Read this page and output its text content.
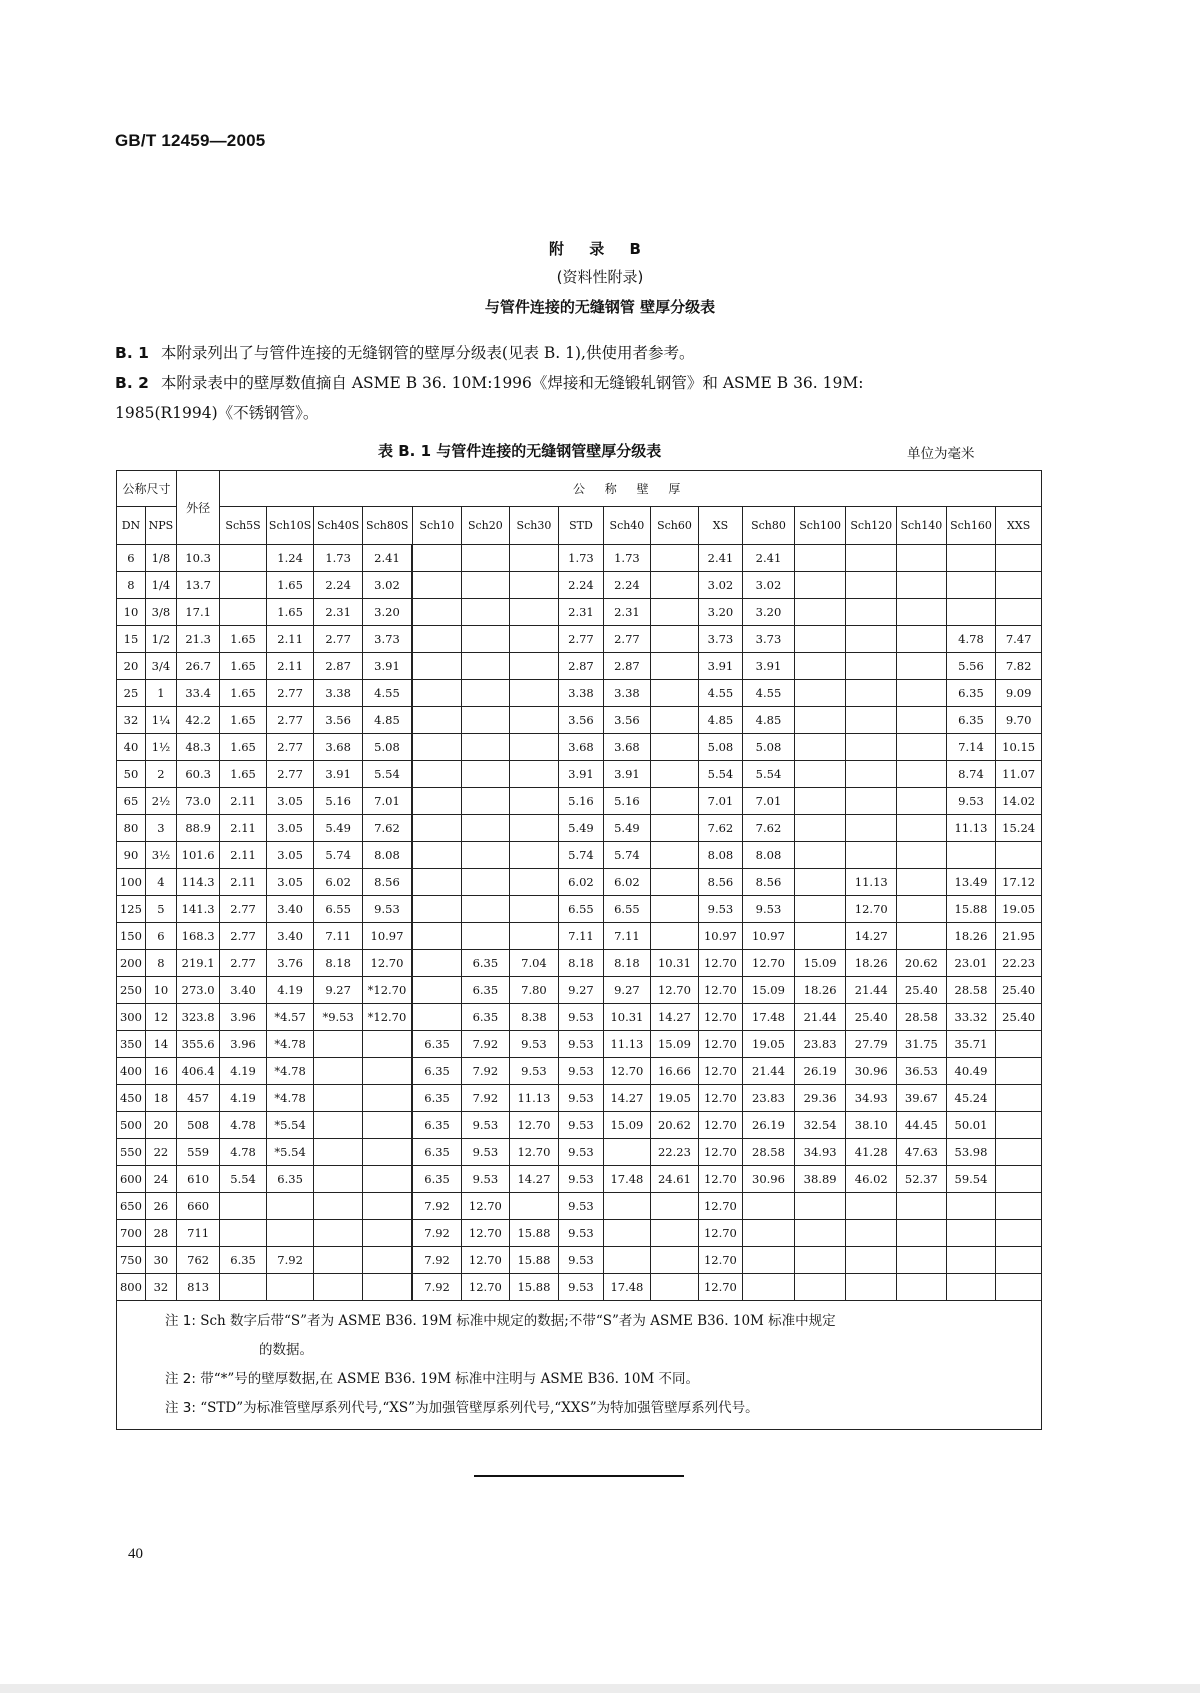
GB/T 12459—2005
附 录 B
(资料性附录)
与管件连接的无缝钢管 壁厚分级表
B. 1 本附录列出了与管件连接的无缝钢管的壁厚分级表(见表 B. 1),供使用者参考。
B. 2 本附录表中的壁厚数值摘自 ASME B 36. 10M:1996《焊接和无缝锻轧钢管》和 ASME B 36. 19M:
1985(R1994)《不锈钢管》。
表 B. 1 与管件连接的无缝钢管壁厚分级表	单位为毫米
公称尺寸		外径	公 称 壁 厚																
DN	NPS		Sch5S	Sch10S	Sch40S	Sch80S	Sch10	Sch20	Sch30	STD	Sch40	Sch60	XS	Sch80	Sch100	Sch120	Sch140	Sch160	XXS
6	1/8	10.3		1.24	1.73	2.41				1.73	1.73		2.41	2.41					
8	1/4	13.7		1.65	2.24	3.02				2.24	2.24		3.02	3.02					
10	3/8	17.1		1.65	2.31	3.20				2.31	2.31		3.20	3.20					
15	1/2	21.3	1.65	2.11	2.77	3.73				2.77	2.77		3.73	3.73				4.78	7.47
20	3/4	26.7	1.65	2.11	2.87	3.91				2.87	2.87		3.91	3.91				5.56	7.82
25	1	33.4	1.65	2.77	3.38	4.55				3.38	3.38		4.55	4.55				6.35	9.09
32	1¼	42.2	1.65	2.77	3.56	4.85				3.56	3.56		4.85	4.85				6.35	9.70
40	1½	48.3	1.65	2.77	3.68	5.08				3.68	3.68		5.08	5.08				7.14	10.15
50	2	60.3	1.65	2.77	3.91	5.54				3.91	3.91		5.54	5.54				8.74	11.07
65	2½	73.0	2.11	3.05	5.16	7.01				5.16	5.16		7.01	7.01				9.53	14.02
80	3	88.9	2.11	3.05	5.49	7.62				5.49	5.49		7.62	7.62				11.13	15.24
90	3½	101.6	2.11	3.05	5.74	8.08				5.74	5.74		8.08	8.08					
100	4	114.3	2.11	3.05	6.02	8.56				6.02	6.02		8.56	8.56		11.13		13.49	17.12
125	5	141.3	2.77	3.40	6.55	9.53				6.55	6.55		9.53	9.53		12.70		15.88	19.05
150	6	168.3	2.77	3.40	7.11	10.97				7.11	7.11		10.97	10.97		14.27		18.26	21.95
200	8	219.1	2.77	3.76	8.18	12.70		6.35	7.04	8.18	8.18	10.31	12.70	12.70	15.09	18.26	20.62	23.01	22.23
250	10	273.0	3.40	4.19	9.27	*12.70		6.35	7.80	9.27	9.27	12.70	12.70	15.09	18.26	21.44	25.40	28.58	25.40
300	12	323.8	3.96	*4.57	*9.53	*12.70		6.35	8.38	9.53	10.31	14.27	12.70	17.48	21.44	25.40	28.58	33.32	25.40
350	14	355.6	3.96	*4.78			6.35	7.92	9.53	9.53	11.13	15.09	12.70	19.05	23.83	27.79	31.75	35.71	
400	16	406.4	4.19	*4.78			6.35	7.92	9.53	9.53	12.70	16.66	12.70	21.44	26.19	30.96	36.53	40.49	
450	18	457	4.19	*4.78			6.35	7.92	11.13	9.53	14.27	19.05	12.70	23.83	29.36	34.93	39.67	45.24	
500	20	508	4.78	*5.54			6.35	9.53	12.70	9.53	15.09	20.62	12.70	26.19	32.54	38.10	44.45	50.01	
550	22	559	4.78	*5.54			6.35	9.53	12.70	9.53		22.23	12.70	28.58	34.93	41.28	47.63	53.98	
600	24	610	5.54	6.35			6.35	9.53	14.27	9.53	17.48	24.61	12.70	30.96	38.89	46.02	52.37	59.54	
650	26	660					7.92	12.70		9.53			12.70						
700	28	711					7.92	12.70	15.88	9.53			12.70						
750	30	762	6.35	7.92			7.92	12.70	15.88	9.53			12.70						
800	32	813					7.92	12.70	15.88	9.53	17.48		12.70						
注 1: Sch 数字后带“S”者为 ASME B36. 19M 标准中规定的数据;不带“S”者为 ASME B36. 10M 标准中规定
的数据。
注 2: 带“*”号的壁厚数据,在 ASME B36. 19M 标准中注明与 ASME B36. 10M 不同。
注 3: “STD”为标准管壁厚系列代号,“XS”为加强管壁厚系列代号,“XXS”为特加强管壁厚系列代号。
40
